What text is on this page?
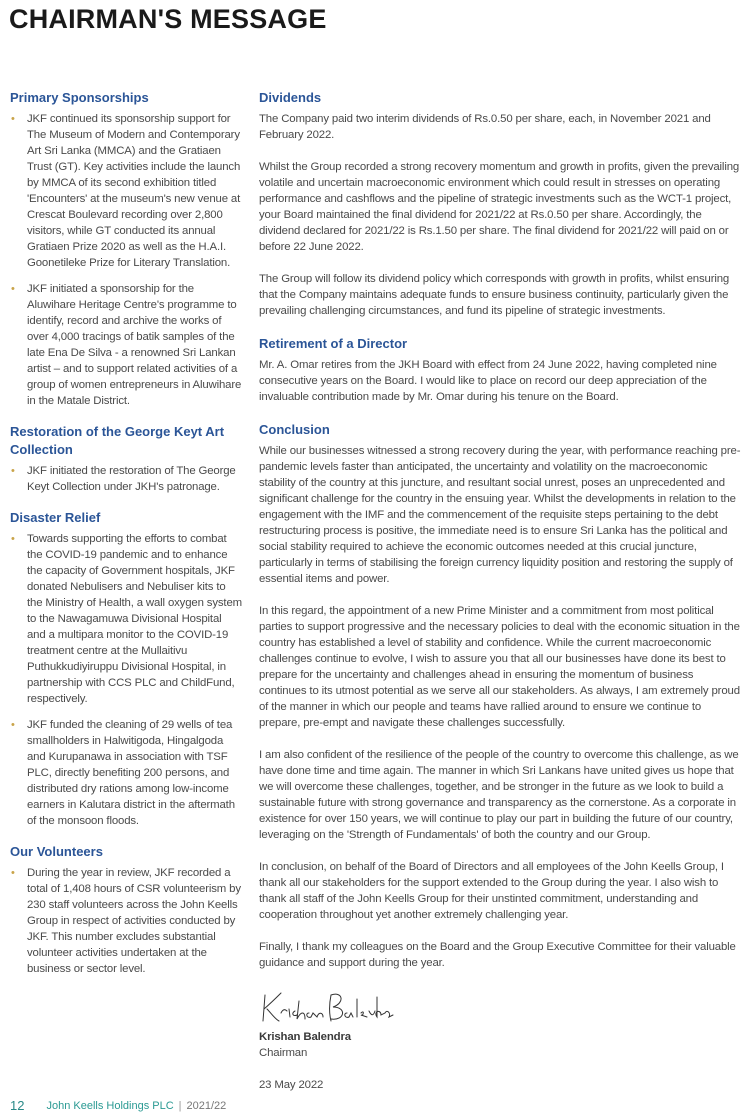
CHAIRMAN'S MESSAGE
Primary Sponsorships
• JKF continued its sponsorship support for The Museum of Modern and Contemporary Art Sri Lanka (MMCA) and the Gratiaen Trust (GT). Key activities include the launch by MMCA of its second exhibition titled 'Encounters' at the museum's new venue at Crescat Boulevard recording over 2,800 visitors, while GT conducted its annual Gratiaen Prize 2020 as well as the H.A.I. Goonetileke Prize for Literary Translation.
• JKF initiated a sponsorship for the Aluwihare Heritage Centre's programme to identify, record and archive the works of over 4,000 tracings of batik samples of the late Ena De Silva - a renowned Sri Lankan artist – and to support related activities of a group of women entrepreneurs in Aluwihare in the Matale District.
Restoration of the George Keyt Art Collection
• JKF initiated the restoration of The George Keyt Collection under JKH's patronage.
Disaster Relief
• Towards supporting the efforts to combat the COVID-19 pandemic and to enhance the capacity of Government hospitals, JKF donated Nebulisers and Nebuliser kits to the Ministry of Health, a wall oxygen system to the Nawagamuwa Divisional Hospital and a multipara monitor to the COVID-19 treatment centre at the Mullaitivu Puthukkudiyiruppu Divisional Hospital, in partnership with CCS PLC and ChildFund, respectively.
• JKF funded the cleaning of 29 wells of tea smallholders in Halwitigoda, Hingalgoda and Kurupanawa in association with TSF PLC, directly benefiting 200 persons, and distributed dry rations among low-income earners in Kalutara district in the aftermath of the monsoon floods.
Our Volunteers
• During the year in review, JKF recorded a total of 1,408 hours of CSR volunteerism by 230 staff volunteers across the John Keells Group in respect of activities conducted by JKF. This number excludes substantial volunteer activities undertaken at the business or sector level.
Dividends

The Company paid two interim dividends of Rs.0.50 per share, each, in November 2021 and February 2022.

Whilst the Group recorded a strong recovery momentum and growth in profits, given the prevailing volatile and uncertain macroeconomic environment which could result in stresses on operating performance and cashflows and the pipeline of strategic investments such as the WCT-1 project, your Board maintained the final dividend for 2021/22 at Rs.0.50 per share. Accordingly, the dividend declared for 2021/22 is Rs.1.50 per share. The final dividend for 2021/22 will paid on or before 22 June 2022.

The Group will follow its dividend policy which corresponds with growth in profits, whilst ensuring that the Company maintains adequate funds to ensure business continuity, particularly given the prevailing challenging circumstances, and fund its pipeline of strategic investments.

Retirement of a Director

Mr. A. Omar retires from the JKH Board with effect from 24 June 2022, having completed nine consecutive years on the Board. I would like to place on record our deep appreciation of the invaluable contribution made by Mr. Omar during his tenure on the Board.

Conclusion

While our businesses witnessed a strong recovery during the year, with performance reaching pre-pandemic levels faster than anticipated, the uncertainty and volatility on the macroeconomic stability of the country at this juncture, and resultant social unrest, poses an unprecedented and significant challenge for the country in the ensuing year. Whilst the developments in relation to the engagement with the IMF and the commencement of the requisite steps pertaining to the debt restructuring process is positive, the immediate need is to ensure Sri Lanka has the political and social stability required to achieve the economic outcomes needed at this crucial juncture, particularly in terms of stabilising the foreign currency liquidity position and restoring the supply of essential items and power.

In this regard, the appointment of a new Prime Minister and a commitment from most political parties to support progressive and the necessary policies to deal with the economic situation in the country has established a level of stability and confidence. While the current macroeconomic challenges continue to evolve, I wish to assure you that all our businesses have done its best to prepare for the uncertainty and challenges ahead in ensuring the momentum of business continues to its utmost potential as we serve all our stakeholders. As always, I am extremely proud of the manner in which our people and teams have rallied around to ensure we continue to prepare, pre-empt and navigate these challenges successfully.

I am also confident of the resilience of the people of the country to overcome this challenge, as we have done time and time again. The manner in which Sri Lankans have united gives us hope that we will overcome these challenges, together, and be stronger in the future as we look to build a sustainable future with strong governance and transparency as the cornerstone. As a corporate in existence for over 150 years, we will continue to play our part in building the future of our country, leveraging on the 'Strength of Fundamentals' of both the country and our Group.

In conclusion, on behalf of the Board of Directors and all employees of the John Keells Group, I thank all our stakeholders for the support extended to the Group during the year. I also wish to thank all staff of the John Keells Group for their unstinted commitment, understanding and cooperation throughout yet another extremely challenging year.

Finally, I thank my colleagues on the Board and the Group Executive Committee for their valuable guidance and support during the year.

Krishan Balendra

Chairman

23 May 2022

12 John Keells Holdings PLC | 2021/22
